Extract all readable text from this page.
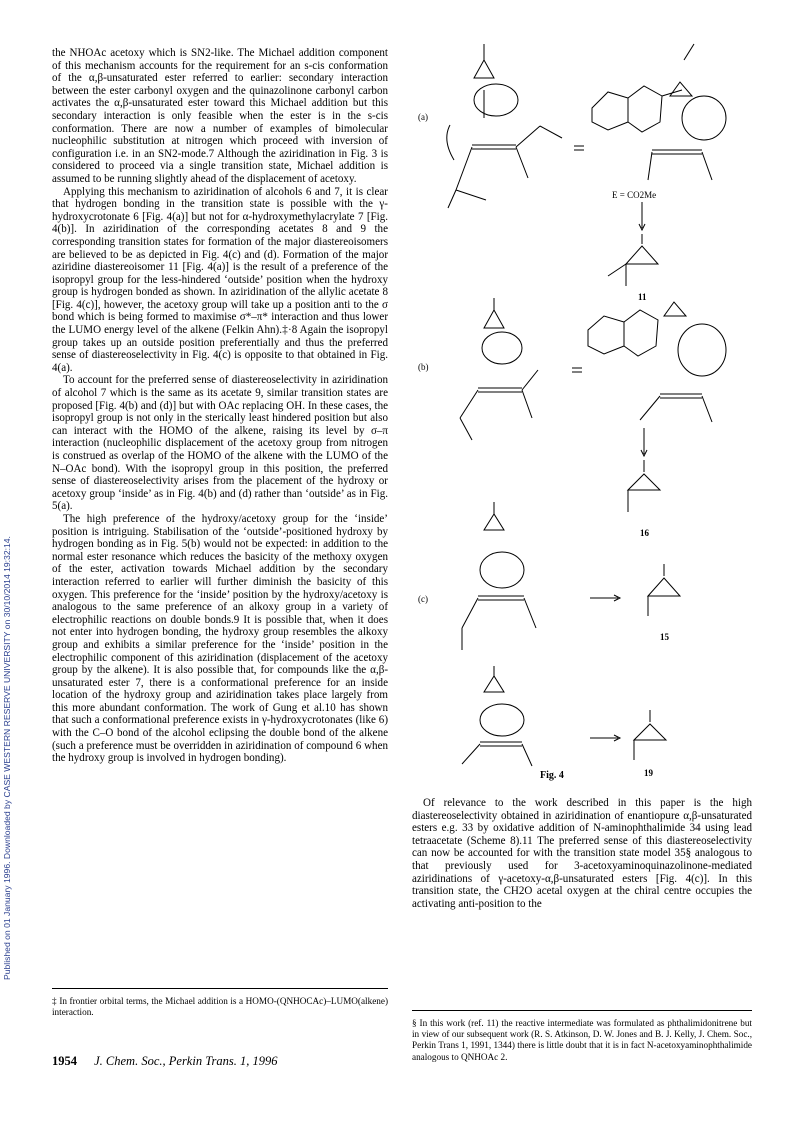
Published on 01 January 1996. Downloaded by CASE WESTERN RESERVE UNIVERSITY on 30/10/2014 19:32:14.

the NHOAc acetoxy which is SN2-like. The Michael addition component of this mechanism accounts for the requirement for an s-cis conformation of the α,β-unsaturated ester referred to earlier: secondary interaction between the ester carbonyl oxygen and the quinazolinone carbonyl carbon activates the α,β-unsaturated ester toward this Michael addition but this secondary interaction is only feasible when the ester is in the s-cis conformation. There are now a number of examples of bimolecular nucleophilic substitution at nitrogen which proceed with inversion of configuration i.e. in an SN2-mode.7 Although the aziridination in Fig. 3 is considered to proceed via a single transition state, Michael addition is assumed to be running slightly ahead of the displacement of acetoxy.

Applying this mechanism to aziridination of alcohols 6 and 7, it is clear that hydrogen bonding in the transition state is possible with the γ-hydroxycrotonate 6 [Fig. 4(a)] but not for α-hydroxymethylacrylate 7 [Fig. 4(b)]. In aziridination of the corresponding acetates 8 and 9 the corresponding transition states for formation of the major diastereoisomers are believed to be as depicted in Fig. 4(c) and (d). Formation of the major aziridine diastereoisomer 11 [Fig. 4(a)] is the result of a preference of the isopropyl group for the less-hindered ‘outside’ position when the hydroxy group is hydrogen bonded as shown. In aziridination of the allylic acetate 8 [Fig. 4(c)], however, the acetoxy group will take up a position anti to the σ bond which is being formed to maximise σ*–π* interaction and thus lower the LUMO energy level of the alkene (Felkin Ahn).‡·8 Again the isopropyl group takes up an outside position preferentially and thus the preferred sense of diastereoselectivity in Fig. 4(c) is opposite to that obtained in Fig. 4(a).

To account for the preferred sense of diastereoselectivity in aziridination of alcohol 7 which is the same as its acetate 9, similar transition states are proposed [Fig. 4(b) and (d)] but with OAc replacing OH. In these cases, the isopropyl group is not only in the sterically least hindered position but also can interact with the HOMO of the alkene, raising its level by σ–π interaction (nucleophilic displacement of the acetoxy group from nitrogen is construed as overlap of the HOMO of the alkene with the LUMO of the N–OAc bond). With the isopropyl group in this position, the preferred sense of diastereoselectivity arises from the placement of the hydroxy or acetoxy group ‘inside’ as in Fig. 4(b) and (d) rather than ‘outside’ as in Fig. 5(a).

The high preference of the hydroxy/acetoxy group for the ‘inside’ position is intriguing. Stabilisation of the ‘outside’-positioned hydroxy by hydrogen bonding as in Fig. 5(b) would not be expected: in addition to the normal ester resonance which reduces the basicity of the methoxy oxygen of the ester, activation towards Michael addition by the secondary interaction referred to earlier will further diminish the basicity of this oxygen. This preference for the ‘inside’ position by the hydroxy/acetoxy is analogous to the same preference of an alkoxy group in a variety of electrophilic reactions on double bonds.9 It is possible that, when it does not enter into hydrogen bonding, the hydroxy group resembles the alkoxy group and exhibits a similar preference for the ‘inside’ position in the electrophilic component of this aziridination (displacement of the acetoxy group by the alkene). It is also possible that, for compounds like the α,β-unsaturated ester 7, there is a conformational preference for an inside location of the hydroxy group and aziridination takes place largely from this more abundant conformation. The work of Gung et al.10 has shown that such a conformational preference exists in γ-hydroxycrotonates (like 6) with the C–O bond of the alcohol eclipsing the double bond of the alkene (such a preference must be overridden in aziridination of compound 6 when the hydroxy group is involved in hydrogen bonding).

‡ In frontier orbital terms, the Michael addition is a HOMO-(QNHOCAc)–LUMO(alkene) interaction.
1954 J. Chem. Soc., Perkin Trans. 1, 1996
(a)
E = CO2Me
11
(b)
16
(c)
15
19
Fig. 4

Of relevance to the work described in this paper is the high diastereoselectivity obtained in aziridination of enantiopure α,β-unsaturated esters e.g. 33 by oxidative addition of N-aminophthalimide 34 using lead tetraacetate (Scheme 8).11 The preferred sense of this diastereoselectivity can now be accounted for with the transition state model 35§ analogous to that previously used for 3-acetoxyaminoquinazolinone-mediated aziridinations of γ-acetoxy-α,β-unsaturated esters [Fig. 4(c)]. In this transition state, the CH2O acetal oxygen at the chiral centre occupies the activating anti-position to the

§ In this work (ref. 11) the reactive intermediate was formulated as phthalimidonitrene but in view of our subsequent work (R. S. Atkinson, D. W. Jones and B. J. Kelly, J. Chem. Soc., Perkin Trans 1, 1991, 1344) there is little doubt that it is in fact N-acetoxyaminophthalimide analogous to QNHOAc 2.
